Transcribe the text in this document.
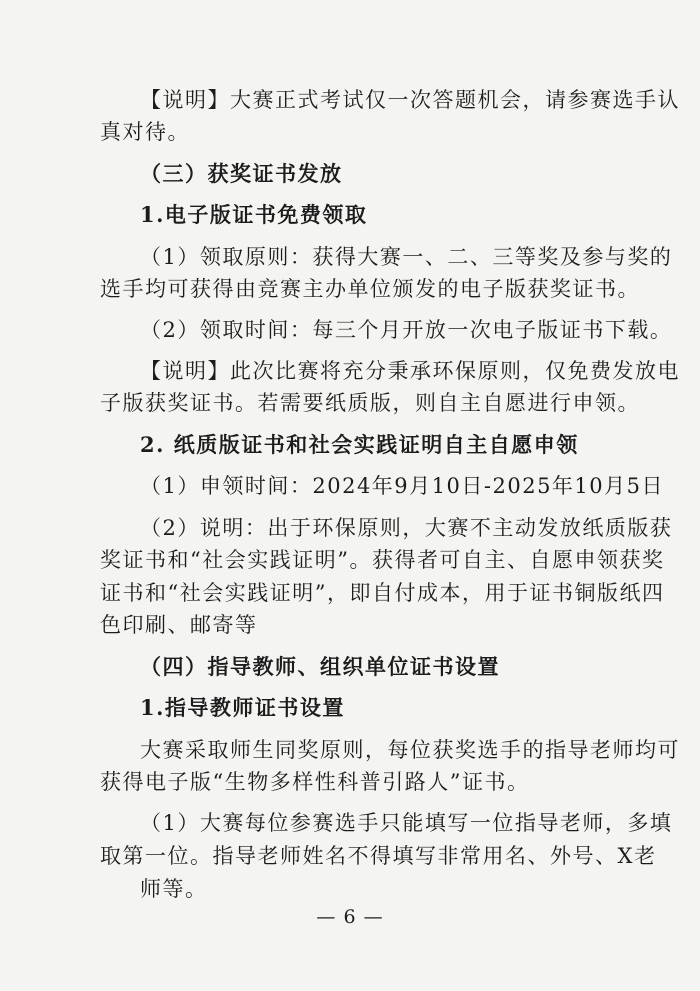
【说明】大赛正式考试仅一次答题机会，请参赛选手认
真对待。
（三）获奖证书发放
1.电子版证书免费领取
（1）领取原则：获得大赛一、二、三等奖及参与奖的
选手均可获得由竞赛主办单位颁发的电子版获奖证书。
（2）领取时间：每三个月开放一次电子版证书下载。
【说明】此次比赛将充分秉承环保原则，仅免费发放电
子版获奖证书。若需要纸质版，则自主自愿进行申领。
2. 纸质版证书和社会实践证明自主自愿申领
（1）申领时间：2024年9月10日-2025年10月5日
（2）说明：出于环保原则，大赛不主动发放纸质版获
奖证书和“社会实践证明”。获得者可自主、自愿申领获奖
证书和“社会实践证明”，即自付成本，用于证书铜版纸四
色印刷、邮寄等
（四）指导教师、组织单位证书设置
1.指导教师证书设置
大赛采取师生同奖原则，每位获奖选手的指导老师均可
获得电子版“生物多样性科普引路人”证书。
（1）大赛每位参赛选手只能填写一位指导老师，多填
取第一位。指导老师姓名不得填写非常用名、外号、X老
师等。
— 6 —
